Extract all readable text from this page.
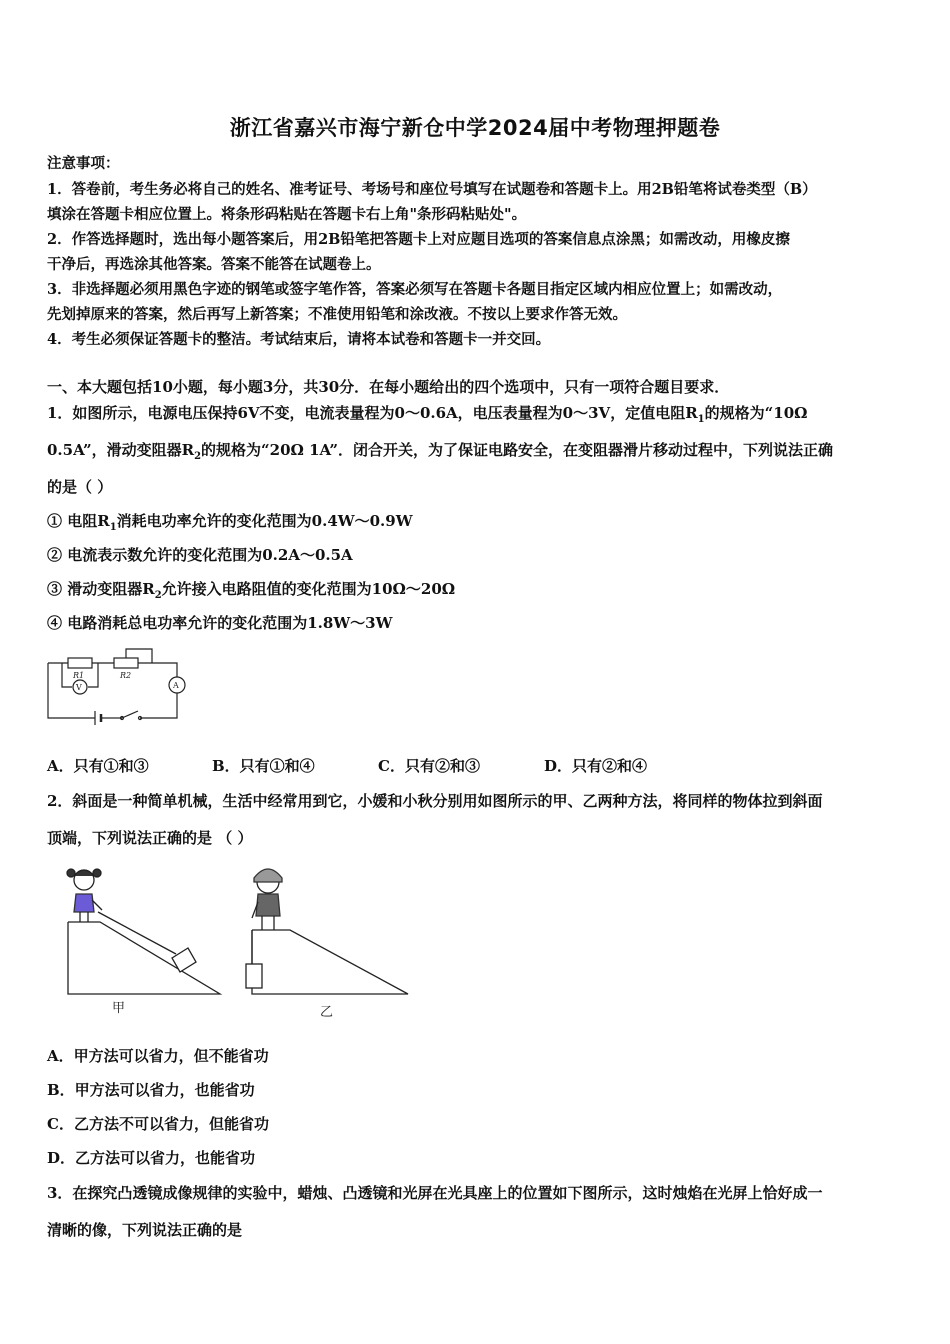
浙江省嘉兴市海宁新仓中学2024届中考物理押题卷
注意事项：
1．答卷前，考生务必将自己的姓名、准考证号、考场号和座位号填写在试题卷和答题卡上。用2B铅笔将试卷类型（B）
填涂在答题卡相应位置上。将条形码粘贴在答题卡右上角"条形码粘贴处"。
2．作答选择题时，选出每小题答案后，用2B铅笔把答题卡上对应题目选项的答案信息点涂黑；如需改动，用橡皮擦
干净后，再选涂其他答案。答案不能答在试题卷上。
3．非选择题必须用黑色字迹的钢笔或签字笔作答，答案必须写在答题卡各题目指定区域内相应位置上；如需改动，
先划掉原来的答案，然后再写上新答案；不准使用铅笔和涂改液。不按以上要求作答无效。
4．考生必须保证答题卡的整洁。考试结束后，请将本试卷和答题卡一并交回。
一、本大题包括10小题，每小题3分，共30分．在每小题给出的四个选项中，只有一项符合题目要求．
1．如图所示，电源电压保持6V不变，电流表量程为0～0.6A，电压表量程为0～3V，定值电阻$R_1$的规格为“10Ω
0.5A”，滑动变阻器$R_2$的规格为“20Ω 1A”．闭合开关，为了保证电路安全，在变阻器滑片移动过程中，下列说法正确
的是（ ）
① 电阻$R_1$消耗电功率允许的变化范围为0.4W～0.9W
② 电流表示数允许的变化范围为0.2A～0.5A
③ 滑动变阻器$R_2$允许接入电路阻值的变化范围为10Ω～20Ω
④ 电路消耗总电功率允许的变化范围为1.8W～3W
R1	R2
V	A
A．只有①和③	B．只有①和④	C．只有②和③	D．只有②和④
2．斜面是一种简单机械，生活中经常用到它，小媛和小秋分别用如图所示的甲、乙两种方法，将同样的物体拉到斜面
顶端，下列说法正确的是 （ ）
甲	乙
A．甲方法可以省力，但不能省功
B．甲方法可以省力，也能省功
C．乙方法不可以省力，但能省功
D．乙方法可以省力，也能省功
3．在探究凸透镜成像规律的实验中，蜡烛、凸透镜和光屏在光具座上的位置如下图所示，这时烛焰在光屏上恰好成一
清晰的像，下列说法正确的是
